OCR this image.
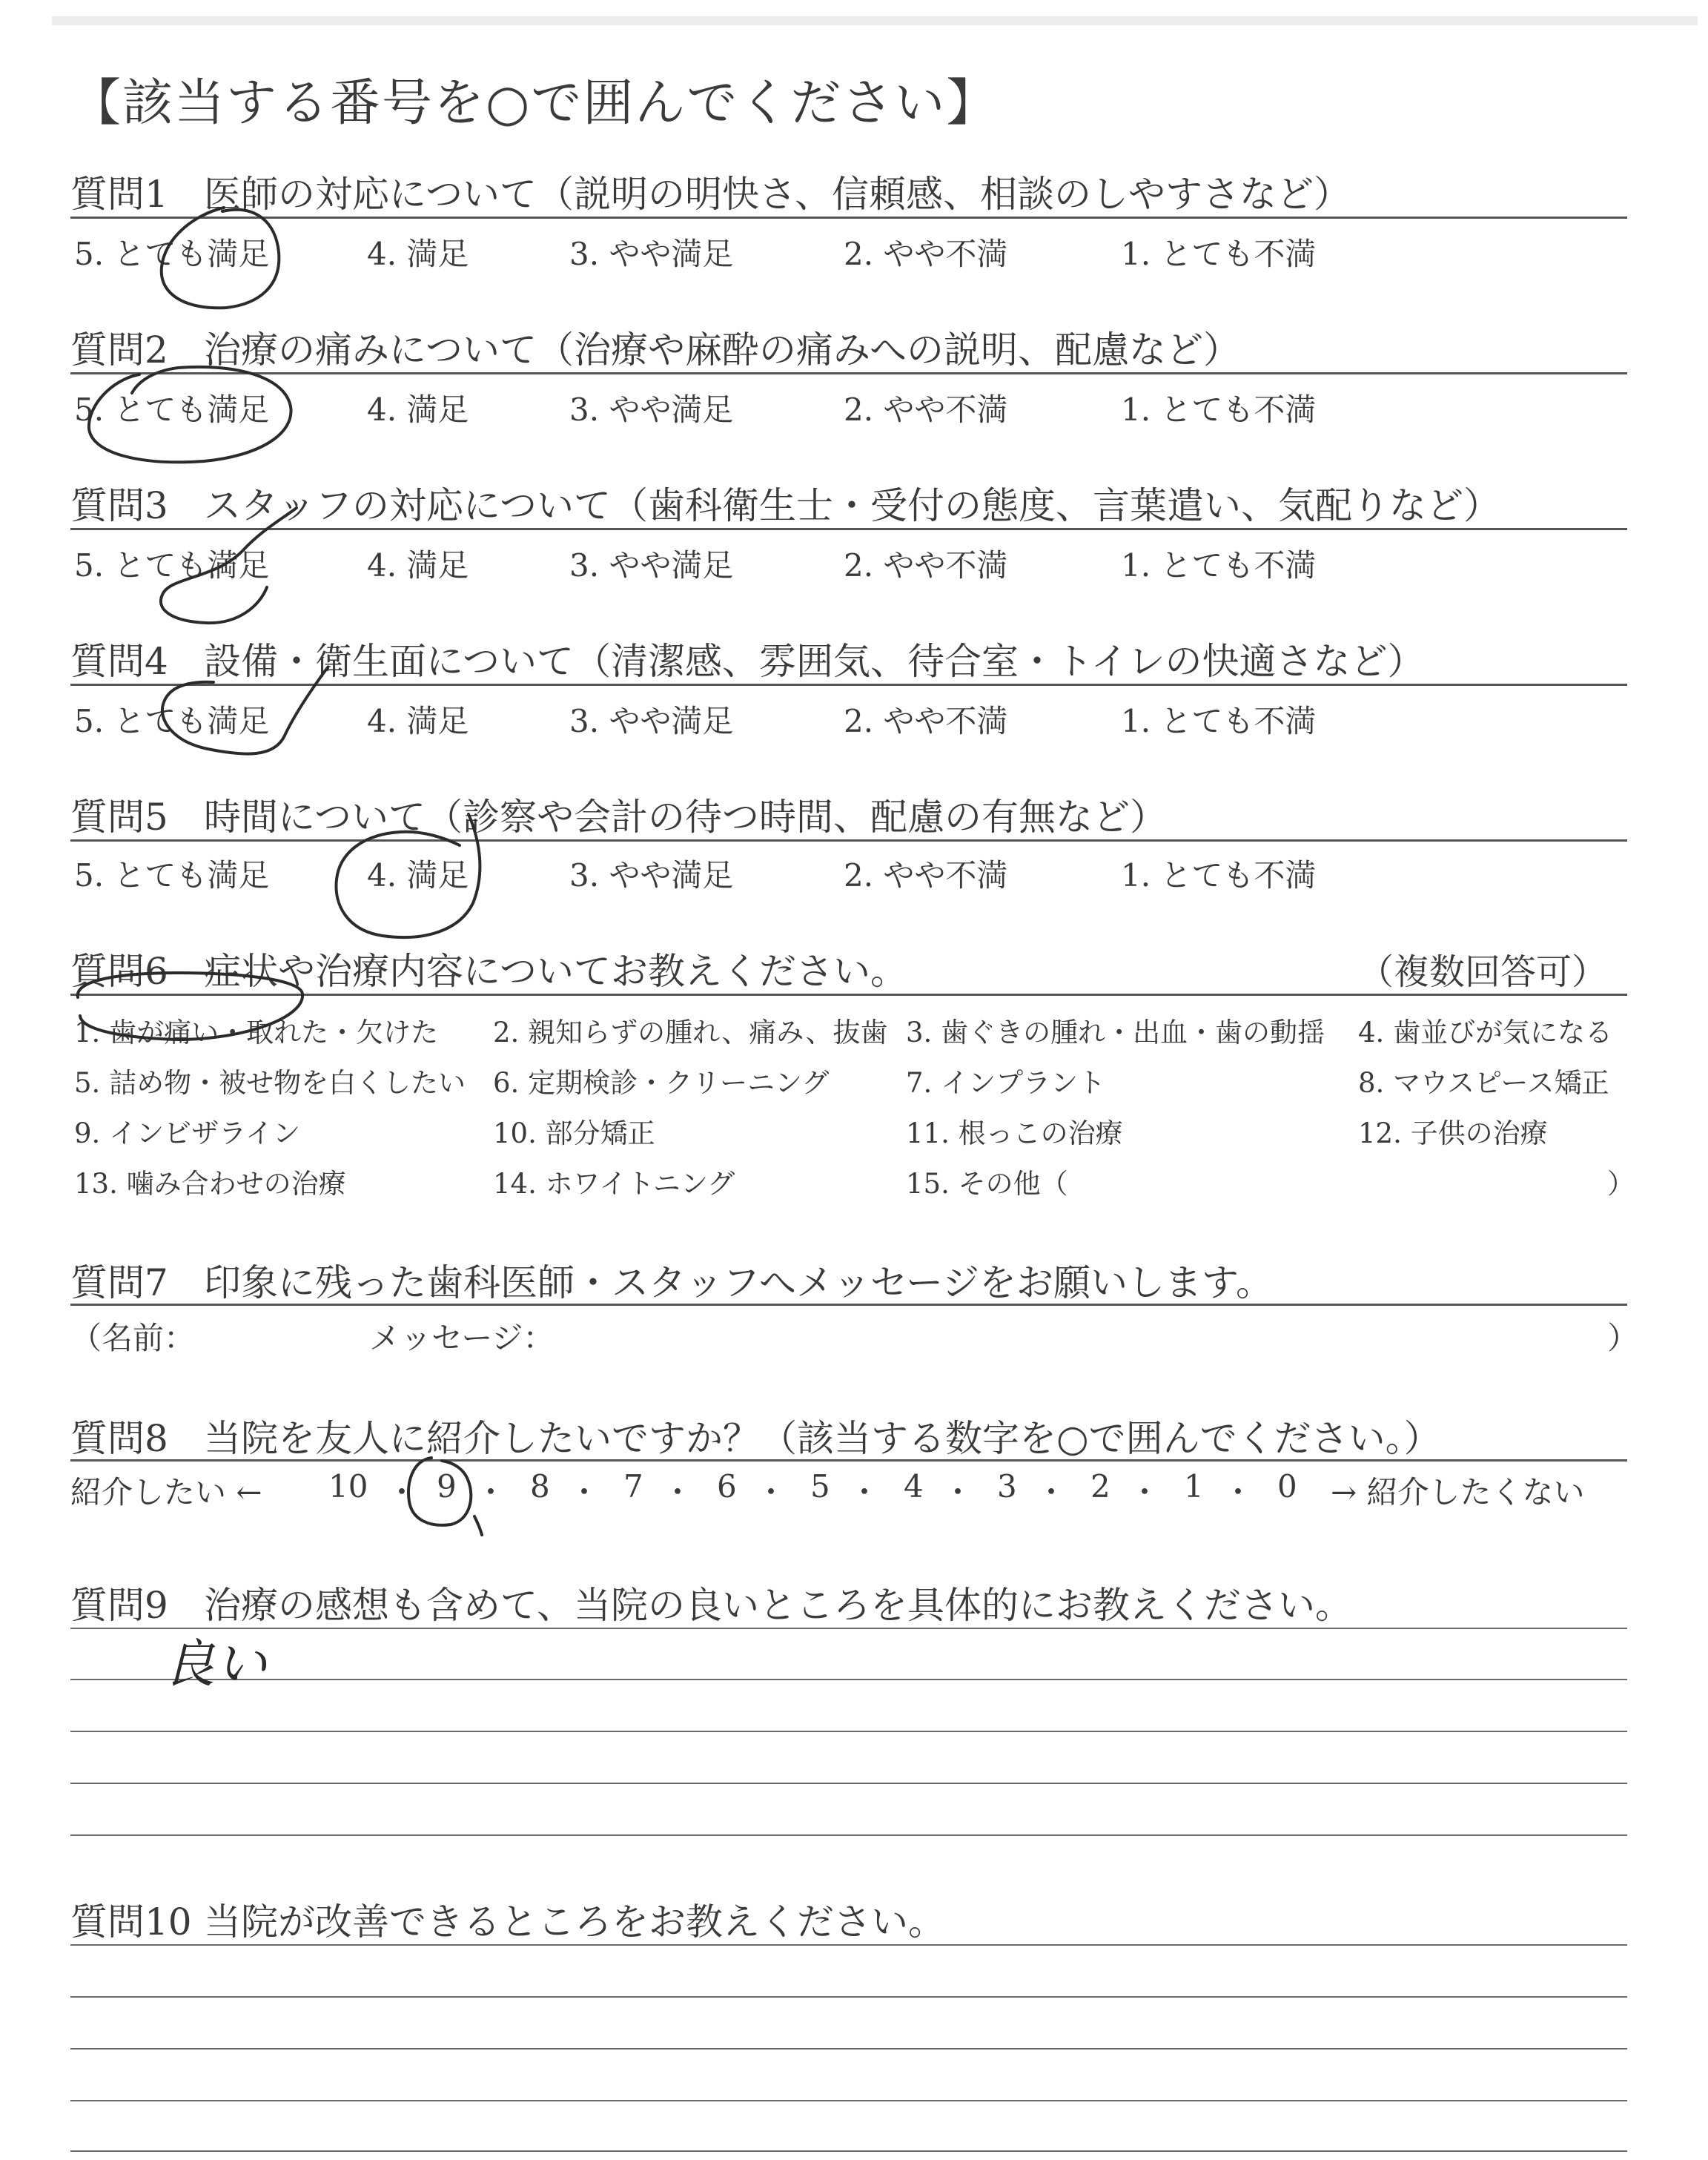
【該当する番号を○で囲んでください】
質問1 医師の対応について（説明の明快さ、信頼感、相談のしやすさなど）
5. とても満足	4. 満足	3. やや満足	2. やや不満	1. とても不満
質問2 治療の痛みについて（治療や麻酔の痛みへの説明、配慮など）
5. とても満足	4. 満足	3. やや満足	2. やや不満	1. とても不満
質問3 スタッフの対応について（歯科衛生士・受付の態度、言葉遣い、気配りなど）
5. とても満足	4. 満足	3. やや満足	2. やや不満	1. とても不満
質問4 設備・衛生面について（清潔感、雰囲気、待合室・トイレの快適さなど）
5. とても満足	4. 満足	3. やや満足	2. やや不満	1. とても不満
質問5 時間について（診察や会計の待つ時間、配慮の有無など）
5. とても満足	4. 満足	3. やや満足	2. やや不満	1. とても不満
質問6 症状や治療内容についてお教えください。	（複数回答可）
1. 歯が痛い・取れた・欠けた 2. 親知らずの腫れ、痛み、抜歯 3. 歯ぐきの腫れ・出血・歯の動揺 4. 歯並びが気になる
5. 詰め物・被せ物を白くしたい 6. 定期検診・クリーニング	7. インプラント	8. マウスピース矯正
9. インビザライン	10. 部分矯正	11. 根っこの治療	12. 子供の治療
13. 噛み合わせの治療	14. ホワイトニング	15. その他（	）
質問7 印象に残った歯科医師・スタッフへメッセージをお願いします。
（名前：	メッセージ：	）
質問8 当院を友人に紹介したいですか？（該当する数字を○で囲んでください。）
紹介したい ← 10 ・ 9 ・ 8 ・ 7 ・ 6 ・ 5 ・ 4 ・ 3 ・ 2 ・ 1 ・ 0 → 紹介したくない
質問9 治療の感想も含めて、当院の良いところを具体的にお教えください。
質問10 当院が改善できるところをお教えください。
良い
